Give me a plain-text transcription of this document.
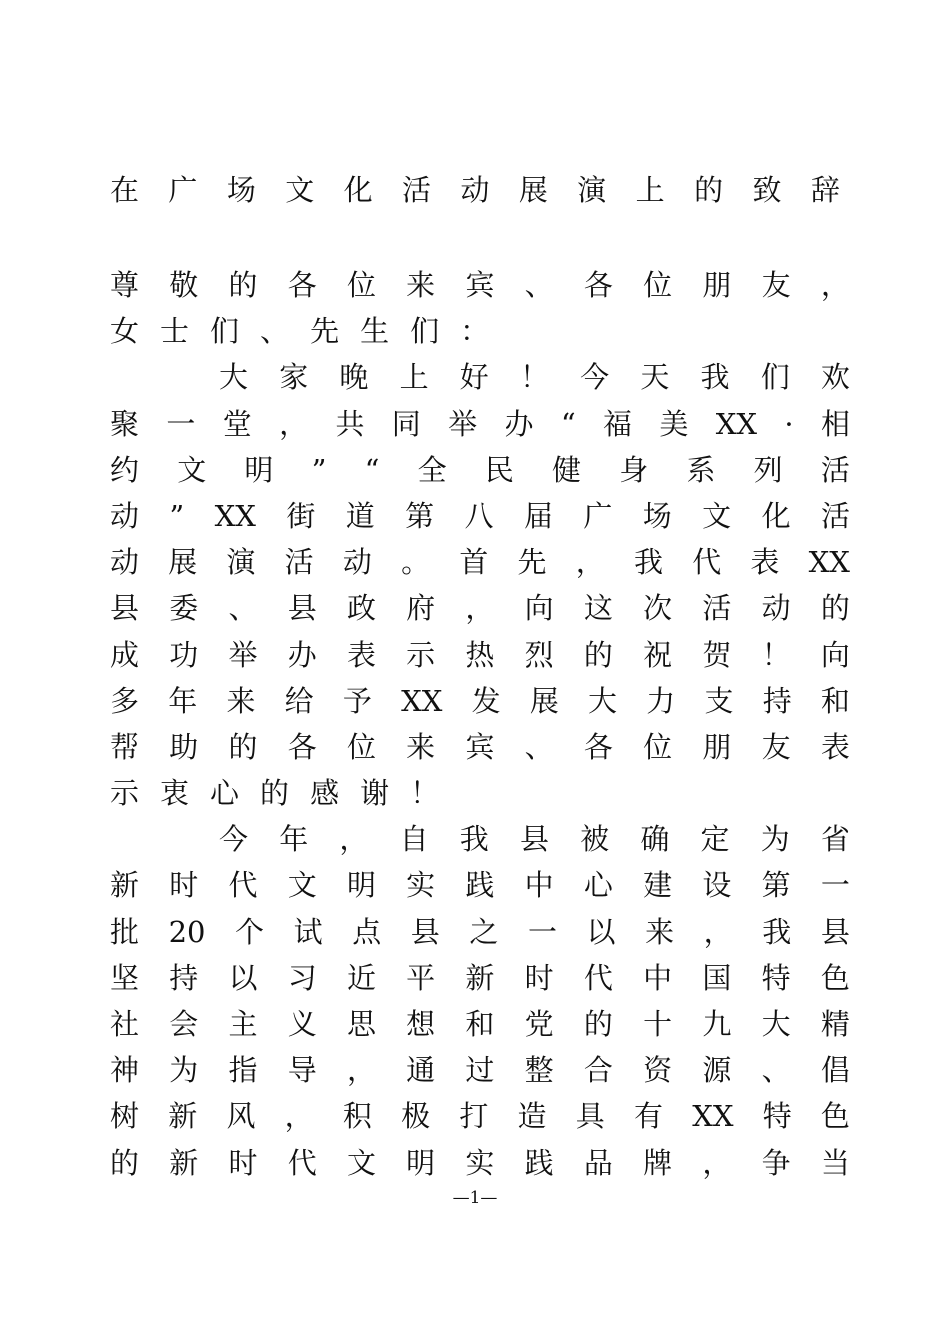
在 广 场 文 化 活 动 展 演 上 的 致 辞
尊 敬 的 各 位 来 宾 、 各 位 朋 友 ，
女 士 们 、 先 生 们 ：
大 家 晚 上 好 ！ 今 天 我 们 欢
聚 一 堂 ， 共 同 举 办 “ 福 美 XX · 相
约 文 明 ” “ 全 民 健 身 系 列 活
动 ” XX 街 道 第 八 届 广 场 文 化 活
动 展 演 活 动 。 首 先 ， 我 代 表 XX
县 委 、 县 政 府 ， 向 这 次 活 动 的
成 功 举 办 表 示 热 烈 的 祝 贺 ！ 向
多 年 来 给 予 XX 发 展 大 力 支 持 和
帮 助 的 各 位 来 宾 、 各 位 朋 友 表
示 衷 心 的 感 谢 ！
今 年 ， 自 我 县 被 确 定 为 省
新 时 代 文 明 实 践 中 心 建 设 第 一
批 20 个 试 点 县 之 一 以 来 ， 我 县
坚 持 以 习 近 平 新 时 代 中 国 特 色
社 会 主 义 思 想 和 党 的 十 九 大 精
神 为 指 导 ， 通 过 整 合 资 源 、 倡
树 新 风 ， 积 极 打 造 具 有 XX 特 色
的 新 时 代 文 明 实 践 品 牌 ， 争 当
—1—
